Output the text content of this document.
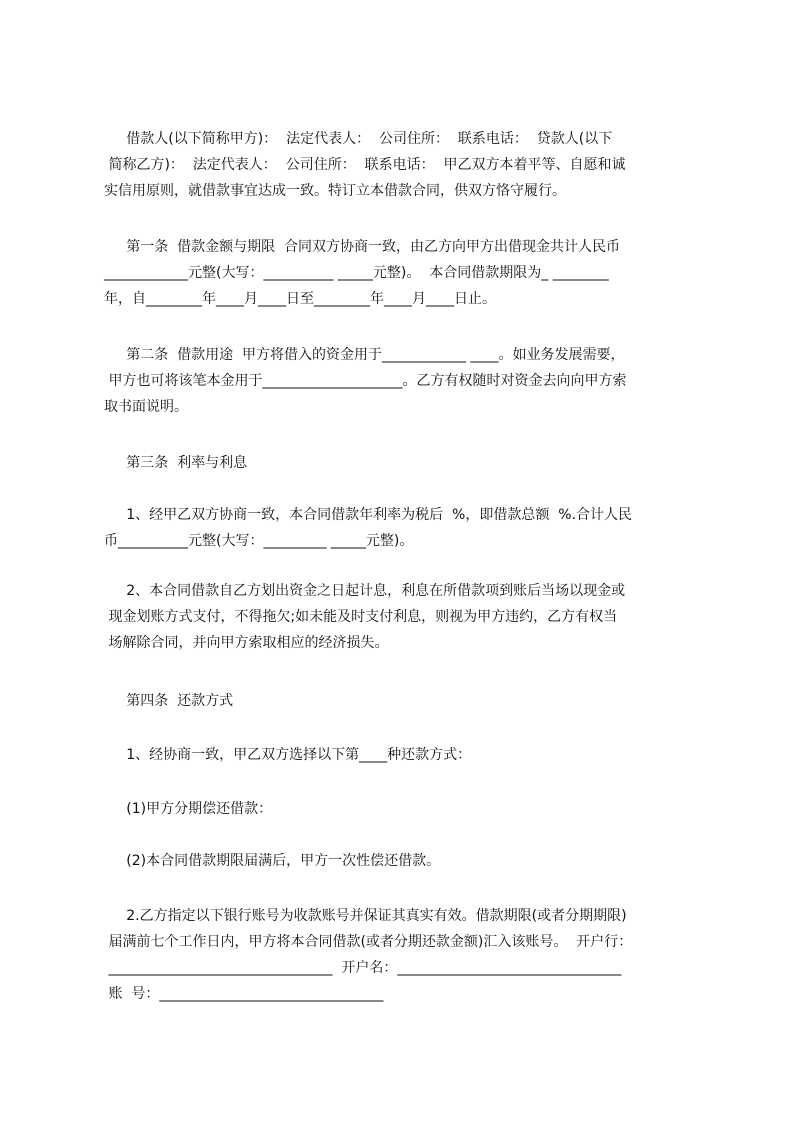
借款人(以下简称甲方)：  法定代表人：  公司住所：  联系电话：  贷款人(以下
简称乙方)：  法定代表人：  公司住所：  联系电话：  甲乙双方本着平等、自愿和诚
实信用原则，就借款事宜达成一致。特订立本借款合同，供双方恪守履行。
第一条  借款金额与期限  合同双方协商一致，由乙方向甲方出借现金共计人民币
____________元整(大写：__________ _____元整)。  本合同借款期限为_ ________
年，自________年____月____日至________年____月____日止。
第二条  借款用途  甲方将借入的资金用于____________ ____。如业务发展需要，
甲方也可将该笔本金用于____________________。乙方有权随时对资金去向向甲方索
取书面说明。
第三条  利率与利息
1、经甲乙双方协商一致，本合同借款年利率为税后  %，即借款总额  %.合计人民
币__________元整(大写：_________ _____元整)。
2、本合同借款自乙方划出资金之日起计息，利息在所借款项到账后当场以现金或
现金划账方式支付，不得拖欠;如未能及时支付利息，则视为甲方违约，乙方有权当
场解除合同，并向甲方索取相应的经济损失。
第四条  还款方式
1、经协商一致，甲乙双方选择以下第____种还款方式：
(1)甲方分期偿还借款：
(2)本合同借款期限届满后，甲方一次性偿还借款。
2.乙方指定以下银行账号为收款账号并保证其真实有效。借款期限(或者分期期限)
届满前七个工作日内，甲方将本合同借款(或者分期还款金额)汇入该账号。  开户行：
________________________________  开户名：________________________________
账  号：________________________________
